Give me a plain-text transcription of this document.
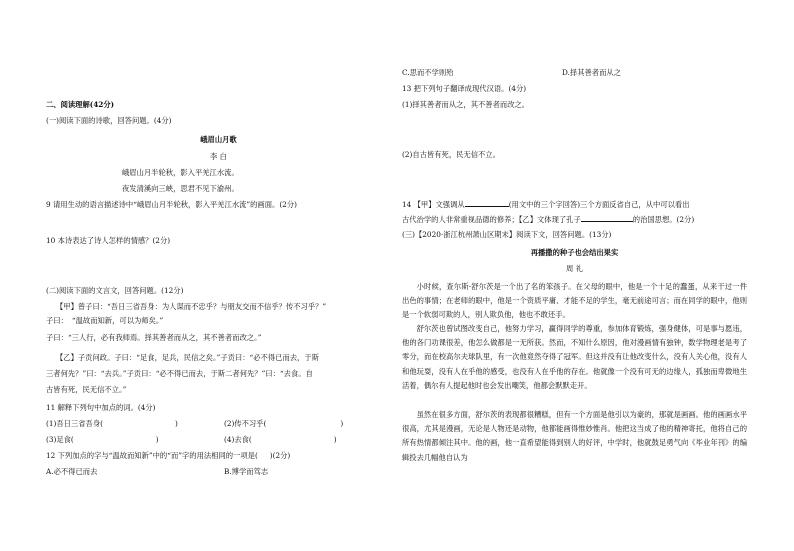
二、阅读理解(42分)
(一)阅读下面的诗歌，回答问题。(4分)
峨眉山月歌
李 白
峨眉山月半轮秋，影入平羌江水流。
夜发清溪向三峡，思君不见下渝州。
9 请用生动的语言描述诗中“峨眉山月半轮秋，影入平羌江水流”的画面。(2分)
10 本诗表达了诗人怎样的情感？(2分)
(二)阅读下面的文言文，回答问题。(12分)
【甲】曾子曰：“吾日三省吾身：为人谋而不忠乎？与朋友交而不信乎？传不习乎？”
子曰： “温故而知新，可以为师矣。”
子曰：“三人行，必有我师焉。择其善者而从之，其不善者而改之。”
【乙】子贡问政。子曰：“足食，足兵，民信之矣。”子贡曰：“必不得已而去，于斯
三者何先？”曰：“去兵。”子贡曰：“必不得已而去，于斯二者何先？”曰：“去食。自
古皆有死，民无信不立。”
11 解释下列句中加点的词。(4分)
(1)吾日三省吾身(	)	(2)传不习乎(	)
(3)足食(	)	(4)去食(	)
12 下列加点的字与“温故而知新”中的“而”字的用法相同的一项是( )(2分)
A.必不得已而去	B.博学而笃志
C.思而不学则殆	D.择其善者而从之
13 把下列句子翻译成现代汉语。(4分)
(1)择其善者而从之，其不善者而改之。
(2)自古皆有死，民无信不立。
14 【甲】文强调从	(用文中的三个字回答)三个方面反省自己，从中可以看出
古代治学的人非常重视品德的修养；【乙】文体现了孔子	的治国思想。(2分)
(三)【2020·浙江杭州萧山区期末】阅读下文，回答问题。(13分)
再播撒的种子也会结出果实
周 礼
小时候，查尔斯·舒尔茨是一个出了名的笨孩子。在父母的眼中，他是一个十足的蠢蛋，从来干过一件出色的事情；在老师的眼中，他是一个资质平庸、才能不足的学生，毫无前途可言；而在同学的眼中，他则是一个软弱可欺的人，别人欺负他，他也不敢还手。
舒尔茨也曾试图改变自己，他努力学习，赢得同学的尊重，参加体育锻炼，强身健体，可是事与愿违，他的各门功课很差，他怎么做都是一无所获。然而，不知什么原因，他对漫画情有独钟，数学物理老是考了零分，而在校高尔夫球队里，有一次他竟然夺得了冠军。但这并没有让他改变什么，没有人关心他，没有人和他玩耍，没有人在乎他的感受，也没有人在乎他的存在。他就像一个没有可无的边缘人，孤独而卑微地生活着，偶尔有人提起他时也会发出嘲笑，他都会默默走开。
虽然在很多方面，舒尔茨的表现都很糟糕，但有一个方面是他引以为豪的，那就是画画。他的画画水平很高，尤其是漫画，无论是人物还是动物，他都能画得惟妙惟肖。他把这当成了他的精神寄托，他将自己的所有热情都倾注其中。他的画，他一直希望能得到别人的好评，中学时，他就鼓足勇气向《毕业年刊》的编辑投去几幅他自认为
